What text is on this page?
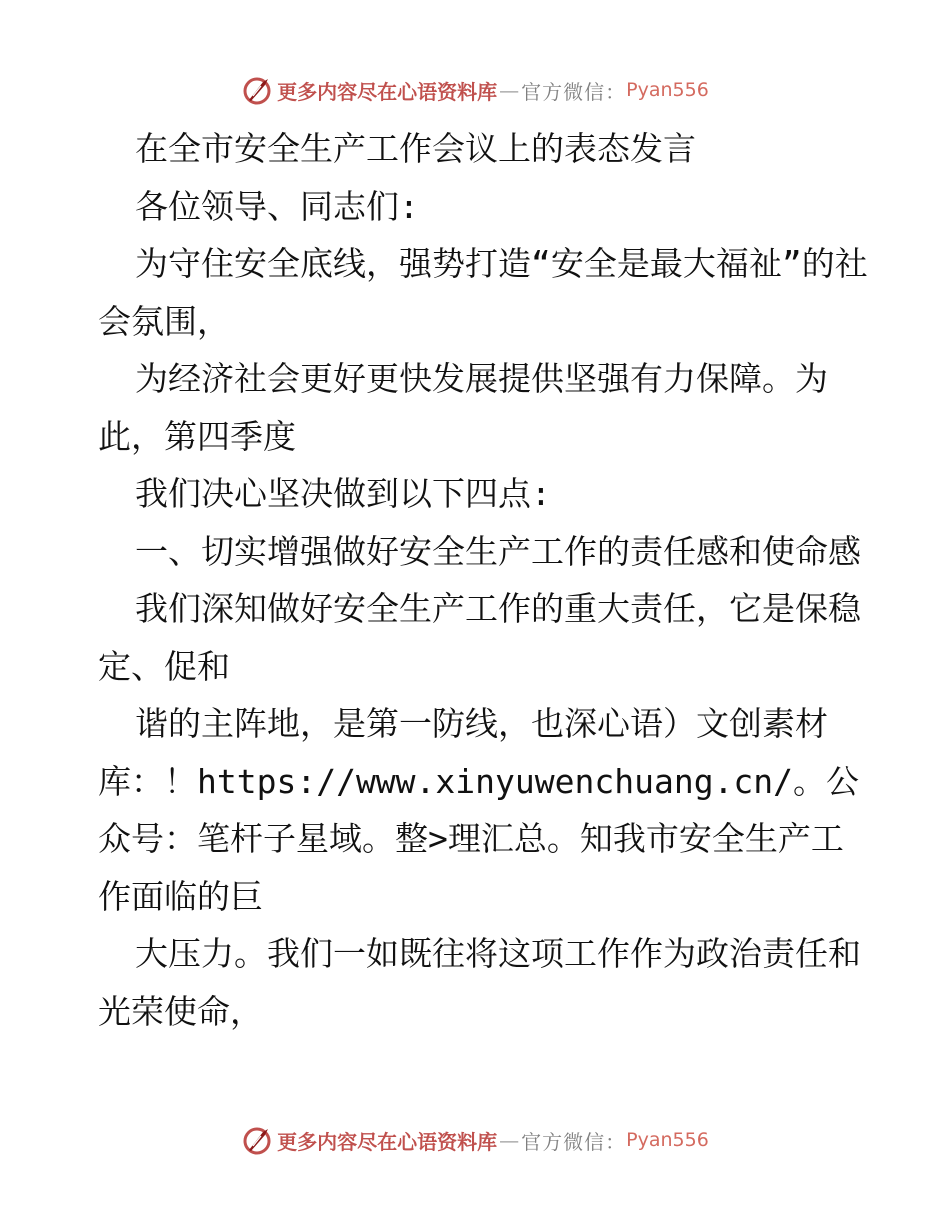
更多内容尽在心语资料库 — 官方微信： Pyan556

在全市安全生产工作会议上的表态发言

各位领导、同志们:

为守住安全底线，强势打造“安全是最大福祉”的社会氛围，

为经济社会更好更快发展提供坚强有力保障。为此，第四季度

我们决心坚决做到以下四点:

一、切实增强做好安全生产工作的责任感和使命感

我们深知做好安全生产工作的重大责任，它是保稳定、促和

谐的主阵地，是第一防线，也深心语）文创素材库：！https://www.xinyuwenchuang.cn/。公众号：笔杆子星域。整>理汇总。知我市安全生产工作面临的巨

大压力。我们一如既往将这项工作作为政治责任和光荣使命，

更多内容尽在心语资料库 — 官方微信： Pyan556
